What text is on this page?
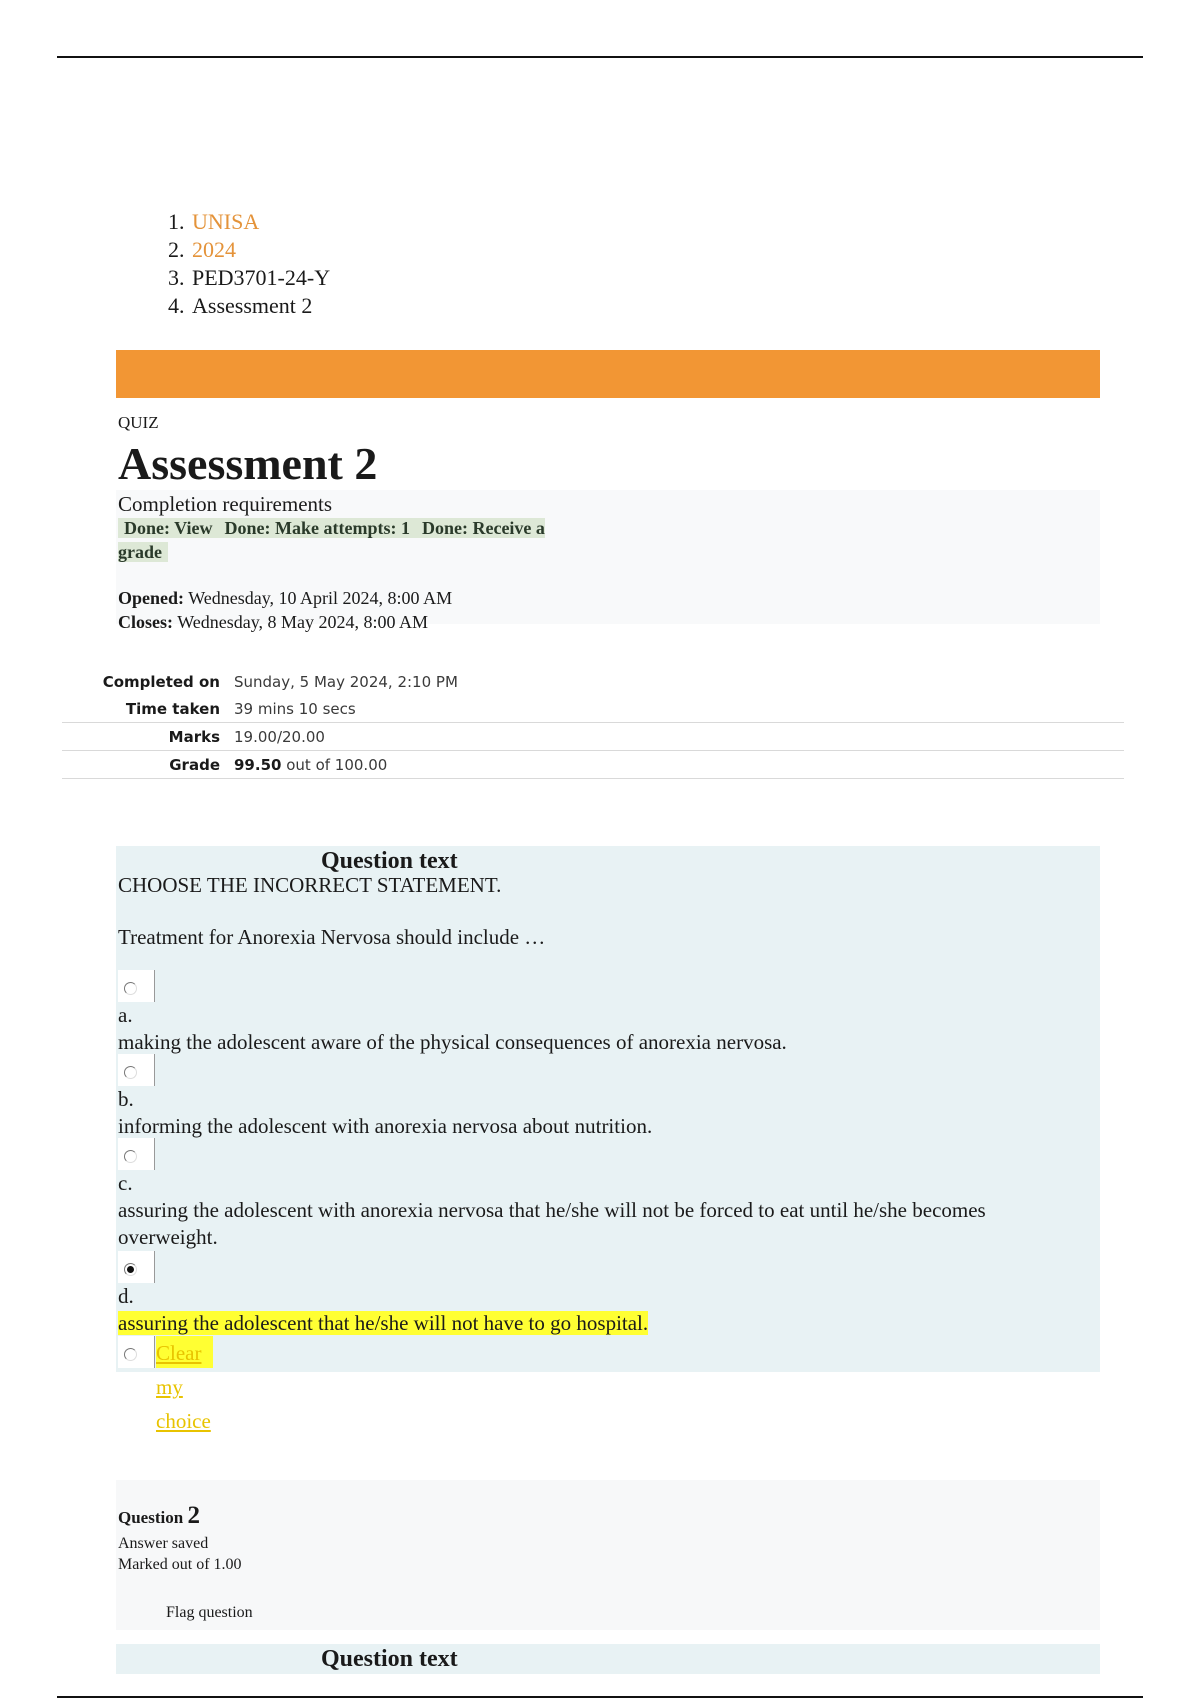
1. UNISA
2. 2024
3. PED3701-24-Y
4. Assessment 2
QUIZ
Assessment 2
Completion requirements
Done: View Done: Make attempts: 1 Done: Receive a grade
Opened: Wednesday, 10 April 2024, 8:00 AM
Closes: Wednesday, 8 May 2024, 8:00 AM
Completed on	Sunday, 5 May 2024, 2:10 PM
Time taken	39 mins 10 secs
Marks	19.00/20.00
Grade	99.50 out of 100.00
Question text
CHOOSE THE INCORRECT STATEMENT.
Treatment for Anorexia Nervosa should include …
a.
making the adolescent aware of the physical consequences of anorexia nervosa.
b.
informing the adolescent with anorexia nervosa about nutrition.
c.
assuring the adolescent with anorexia nervosa that he/she will not be forced to eat until he/she becomes overweight.
d.
assuring the adolescent that he/she will not have to go hospital.
Clear my choice
Question 2
Answer saved
Marked out of 1.00
Flag question
Question text
